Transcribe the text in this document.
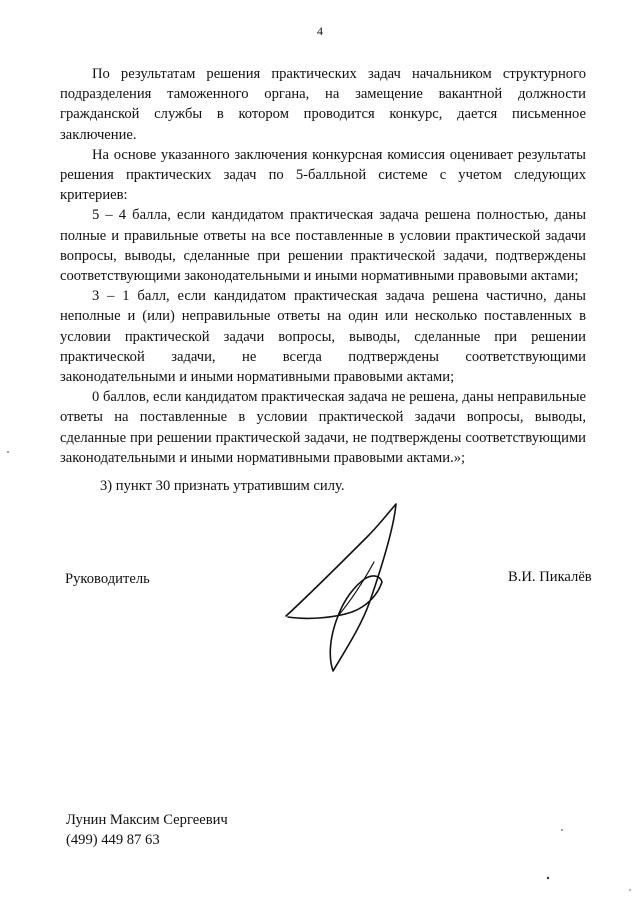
4

По результатам решения практических задач начальником структурного подразделения таможенного органа, на замещение вакантной должности гражданской службы в котором проводится конкурс, дается письменное заключение.

На основе указанного заключения конкурсная комиссия оценивает результаты решения практических задач по 5-балльной системе с учетом следующих критериев:

5 – 4 балла, если кандидатом практическая задача решена полностью, даны полные и правильные ответы на все поставленные в условии практической задачи вопросы, выводы, сделанные при решении практической задачи, подтверждены соответствующими законодательными и иными нормативными правовыми актами;

3 – 1 балл, если кандидатом практическая задача решена частично, даны неполные и (или) неправильные ответы на один или несколько поставленных в условии практической задачи вопросы, выводы, сделанные при решении практической задачи, не всегда подтверждены соответствующими законодательными и иными нормативными правовыми актами;

0 баллов, если кандидатом практическая задача не решена, даны неправильные ответы на поставленные в условии практической задачи вопросы, выводы, сделанные при решении практической задачи, не подтверждены соответствующими законодательными и иными нормативными правовыми актами.»;

3) пункт 30 признать утратившим силу.

Руководитель	В.И. Пикалёв
Лунин Максим Сергеевич
(499) 449 87 63
